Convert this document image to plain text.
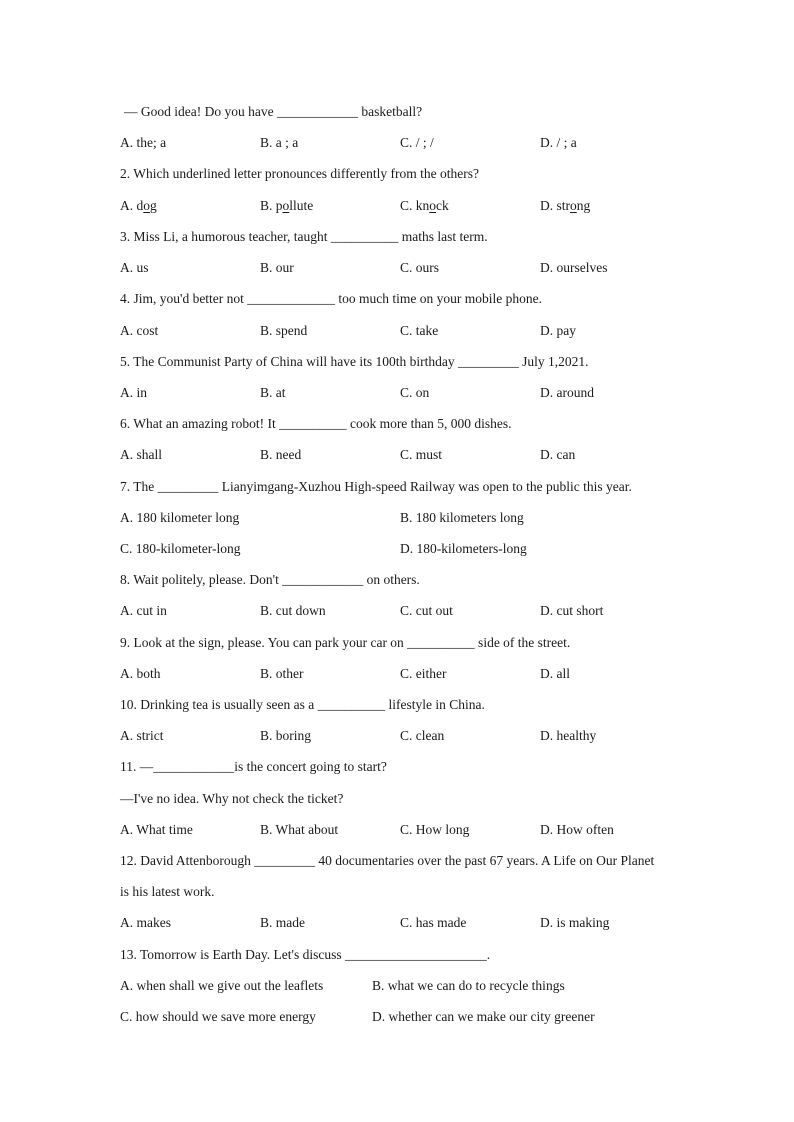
— Good idea! Do you have ____________ basketball?
A. the; a	B. a ; a	C. / ; /	D. / ; a
2. Which underlined letter pronounces differently from the others?
A. dog	B. pollute	C. knock	D. strong
3. Miss Li, a humorous teacher, taught __________ maths last term.
A. us	B. our	C. ours	D. ourselves
4. Jim, you'd better not _____________ too much time on your mobile phone.
A. cost	B. spend	C. take	D. pay
5. The Communist Party of China will have its 100th birthday _________ July 1,2021.
A. in	B. at	C. on	D. around
6. What an amazing robot! It __________ cook more than 5, 000 dishes.
A. shall	B. need	C. must	D. can
7. The _________ Lianyimgang-Xuzhou High-speed Railway was open to the public this year.
A. 180 kilometer long	B. 180 kilometers long
C. 180-kilometer-long	D. 180-kilometers-long
8. Wait politely, please. Don't ____________ on others.
A. cut in	B. cut down	C. cut out	D. cut short
9. Look at the sign, please. You can park your car on __________ side of the street.
A. both	B. other	C. either	D. all
10. Drinking tea is usually seen as a __________ lifestyle in China.
A. strict	B. boring	C. clean	D. healthy
11. —____________is the concert going to start?
—I've no idea. Why not check the ticket?
A. What time	B. What about	C. How long	D. How often
12. David Attenborough _________ 40 documentaries over the past 67 years. A Life on Our Planet
is his latest work.
A. makes	B. made	C. has made	D. is making
13. Tomorrow is Earth Day. Let's discuss _____________________.
A. when shall we give out the leaflets	B. what we can do to recycle things
C. how should we save more energy	D. whether can we make our city greener
